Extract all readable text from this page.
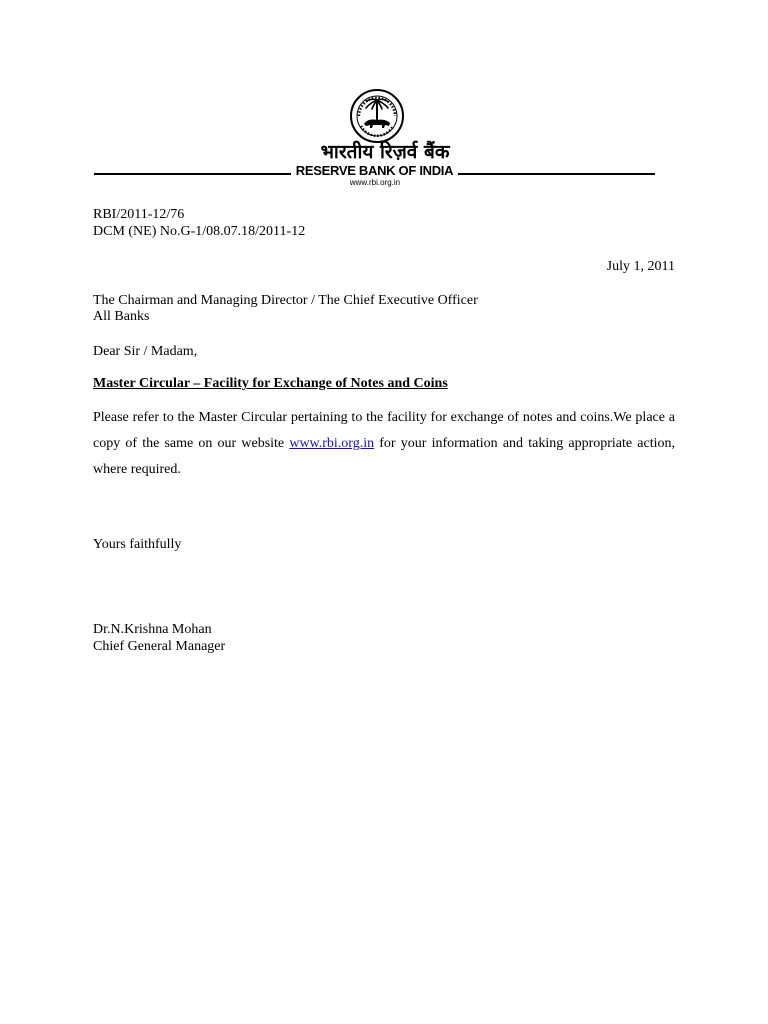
भारतीय रिज़र्व बैंक
RESERVE BANK OF INDIA
www.rbi.org.in
RBI/2011-12/76
DCM (NE) No.G-1/08.07.18/2011-12
July 1, 2011
The Chairman and Managing Director / The Chief Executive Officer
All Banks
Dear Sir / Madam,
Master Circular – Facility for Exchange of Notes and Coins

Please refer to the Master Circular pertaining to the facility for exchange of notes and coins.We place a copy of the same on our website www.rbi.org.in for your information and taking appropriate action, where required.

Yours faithfully
Dr.N.Krishna Mohan
Chief General Manager
